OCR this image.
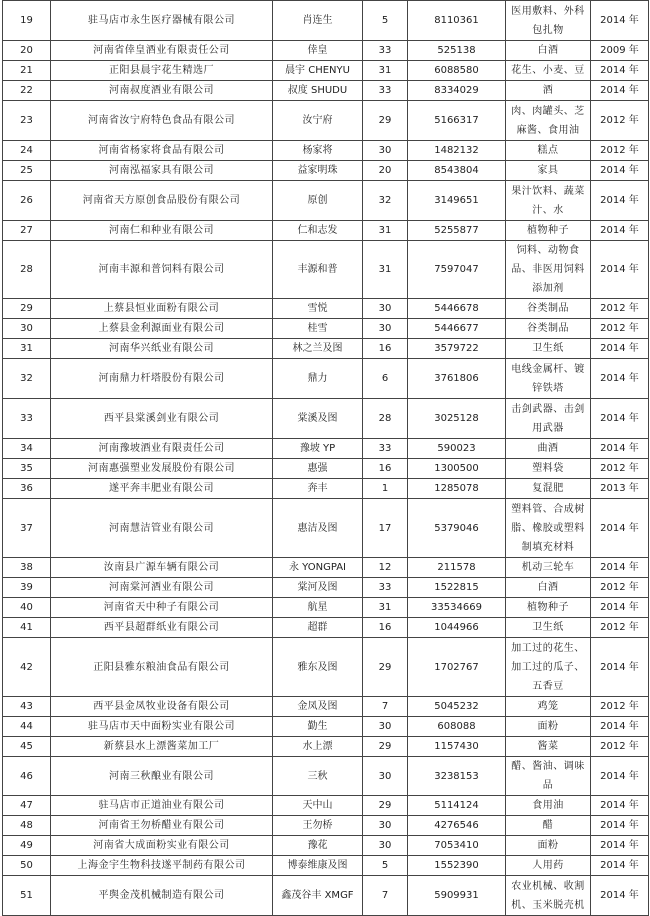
19	驻马店市永生医疗器械有限公司	肖连生	5	8110361	医用敷料、外科包扎物	2014 年
20	河南省倖皇酒业有限责任公司	倖皇	33	525138	白酒	2009 年
21	正阳县晨宇花生精选厂	晨宇 CHENYU	31	6088580	花生、小麦、豆	2014 年
22	河南叔度酒业有限公司	叔度 SHUDU	33	8334029	酒	2014 年
23	河南省汝宁府特色食品有限公司	汝宁府	29	5166317	肉、肉罐头、芝麻酱、食用油	2012 年
24	河南省杨家将食品有限公司	杨家将	30	1482132	糕点	2012 年
25	河南泓福家具有限公司	益家明珠	20	8543804	家具	2014 年
26	河南省天方原创食品股份有限公司	原创	32	3149651	果汁饮料、蔬菜汁、水	2014 年
27	河南仁和种业有限公司	仁和志发	31	5255877	植物种子	2014 年
28	河南丰源和普饲料有限公司	丰源和普	31	7597047	饲料、动物食品、非医用饲料添加剂	2014 年
29	上蔡县恒业面粉有限公司	雪悦	30	5446678	谷类制品	2012 年
30	上蔡县金利源面业有限公司	桂雪	30	5446677	谷类制品	2012 年
31	河南华兴纸业有限公司	林之兰及图	16	3579722	卫生纸	2014 年
32	河南鼎力杆塔股份有限公司	鼎力	6	3761806	电线金属杆、镀锌铁塔	2014 年
33	西平县棠溪剑业有限公司	棠溪及图	28	3025128	击剑武器、击剑用武器	2014 年
34	河南豫坡酒业有限责任公司	豫坡 YP	33	590023	曲酒	2014 年
35	河南惠强塑业发展股份有限公司	惠强	16	1300500	塑料袋	2012 年
36	遂平奔丰肥业有限公司	奔丰	1	1285078	复混肥	2013 年
37	河南慧洁管业有限公司	惠洁及图	17	5379046	塑料管、合成树脂、橡胶或塑料制填充材料	2014 年
38	汝南县广源车辆有限公司	永 YONGPAI	12	211578	机动三轮车	2014 年
39	河南棠河酒业有限公司	棠河及图	33	1522815	白酒	2012 年
40	河南省天中种子有限公司	航星	31	33534669	植物种子	2014 年
41	西平县超群纸业有限公司	超群	16	1044966	卫生纸	2012 年
42	正阳县雅东粮油食品有限公司	雅东及图	29	1702767	加工过的花生、加工过的瓜子、五香豆	2014 年
43	西平县金凤牧业设备有限公司	金凤及图	7	5045232	鸡笼	2012 年
44	驻马店市天中面粉实业有限公司	勤生	30	608088	面粉	2014 年
45	新蔡县水上漂酱菜加工厂	水上漂	29	1157430	酱菜	2012 年
46	河南三秋酿业有限公司	三秋	30	3238153	醋、酱油、调味品	2014 年
47	驻马店市正道油业有限公司	天中山	29	5114124	食用油	2014 年
48	河南省王勿桥醋业有限公司	王勿桥	30	4276546	醋	2014 年
49	河南省大成面粉实业有限公司	豫花	30	7053410	面粉	2014 年
50	上海金宇生物科技遂平制药有限公司	博泰维康及图	5	1552390	人用药	2014 年
51	平舆金茂机械制造有限公司	鑫茂谷丰 XMGF	7	5909931	农业机械、收割机、玉米脱壳机	2014 年
